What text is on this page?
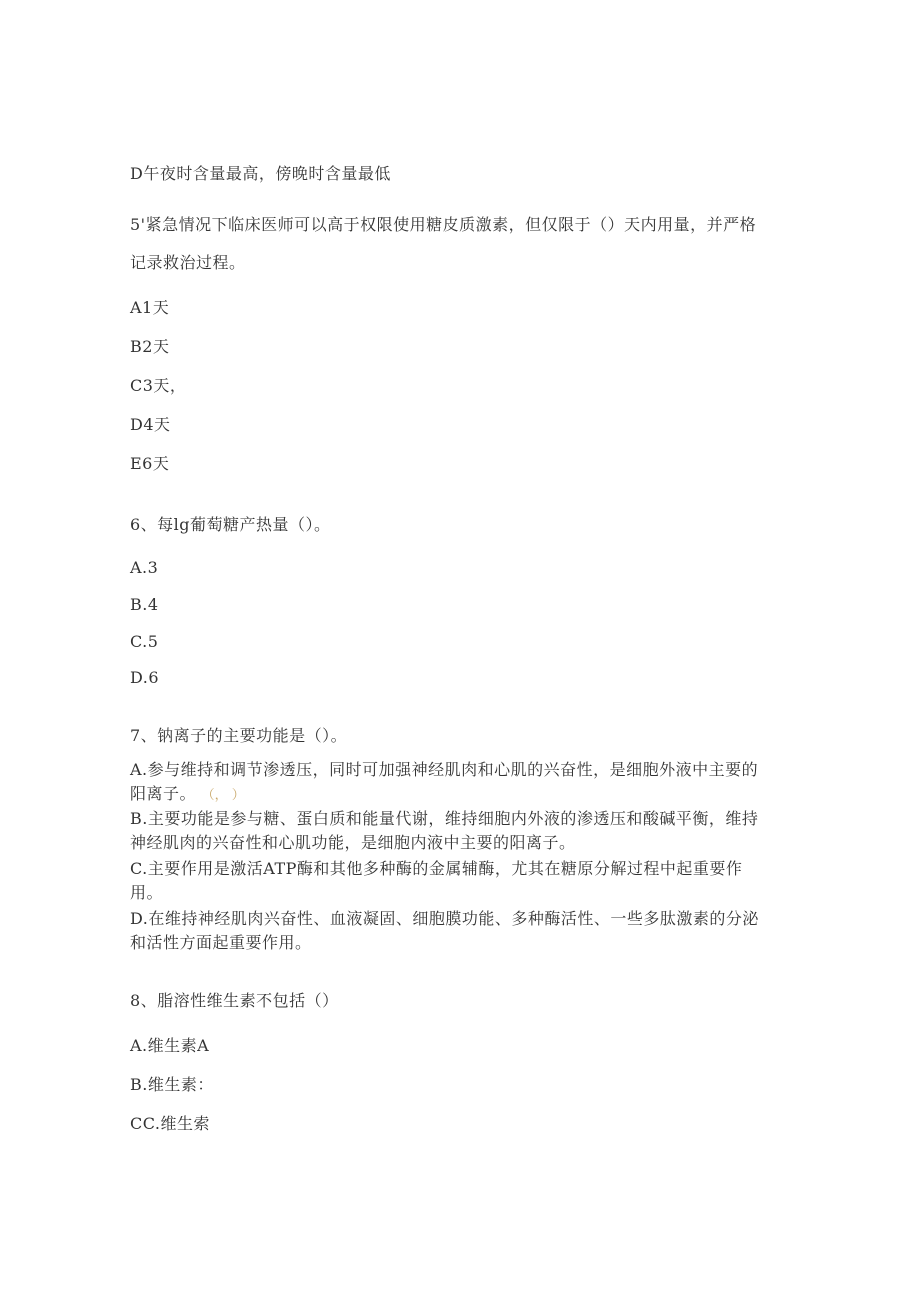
D午夜时含量最高，傍晚时含量最低
5'紧急情况下临床医师可以高于权限使用糖皮质激素，但仅限于（）天内用量，并严格
记录救治过程。
A1天
B2天
C3天，
D4天
E6天
6、每lg葡萄糖产热量（）。
A.3
B.4
C.5
D.6
7、钠离子的主要功能是（）。
A.参与维持和调节渗透压，同时可加强神经肌肉和心肌的兴奋性，是细胞外液中主要的
阳离子。 （， ）
B.主要功能是参与糖、蛋白质和能量代谢，维持细胞内外液的渗透压和酸碱平衡，维持
神经肌肉的兴奋性和心肌功能，是细胞内液中主要的阳离子。
C.主要作用是激活ATP酶和其他多种酶的金属辅酶，尤其在糖原分解过程中起重要作
用。
D.在维持神经肌肉兴奋性、血液凝固、细胞膜功能、多种酶活性、一些多肽激素的分泌
和活性方面起重要作用。
8、脂溶性维生素不包括（）
A.维生素A
B.维生素：
CC.维生索
